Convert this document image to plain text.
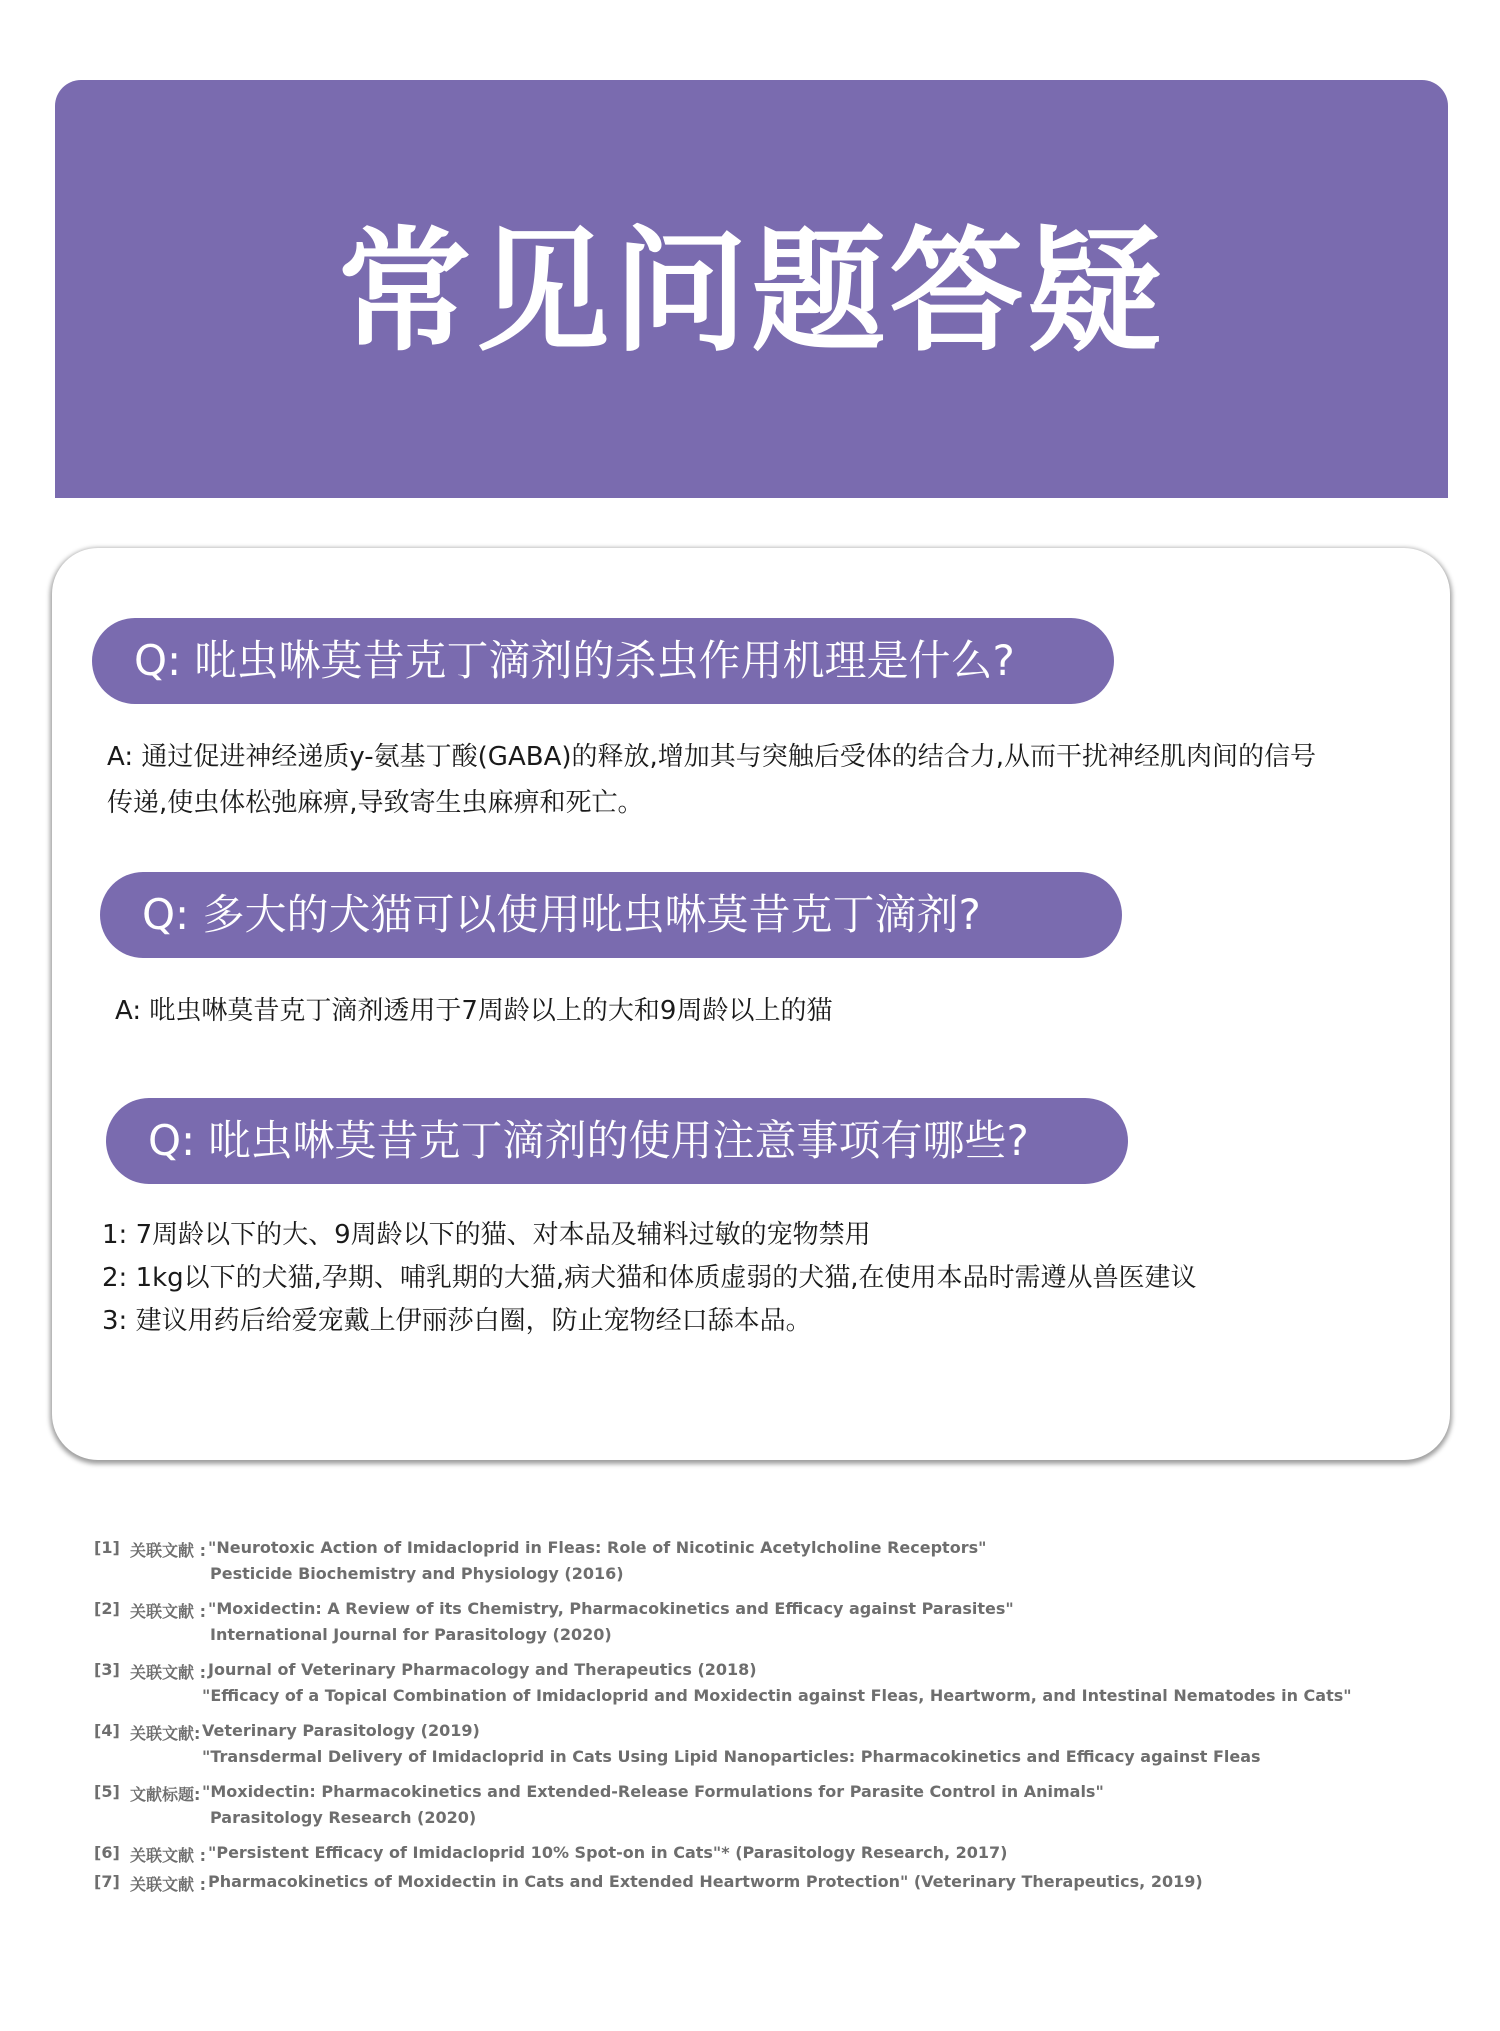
常见问题答疑
Q: 吡虫啉莫昔克丁滴剂的杀虫作用机理是什么?
A: 通过促进神经递质y-氨基丁酸(GABA)的释放,增加其与突触后受体的结合力,从而干扰神经肌肉间的信号
传递,使虫体松弛麻痹,导致寄生虫麻痹和死亡。
Q: 多大的犬猫可以使用吡虫啉莫昔克丁滴剂?
A: 吡虫啉莫昔克丁滴剂透用于7周龄以上的大和9周龄以上的猫
Q: 吡虫啉莫昔克丁滴剂的使用注意事项有哪些?
1: 7周龄以下的大、9周龄以下的猫、对本品及辅料过敏的宠物禁用
2: 1kg以下的犬猫,孕期、哺乳期的大猫,病犬猫和体质虚弱的犬猫,在使用本品时需遵从兽医建议
3: 建议用药后给爱宠戴上伊丽莎白圈，防止宠物经口舔本品。
[1] 关联文献 : "Neurotoxic Action of Imidacloprid in Fleas: Role of Nicotinic Acetylcholine Receptors"
Pesticide Biochemistry and Physiology (2016)
[2] 关联文献 : "Moxidectin: A Review of its Chemistry, Pharmacokinetics and Efficacy against Parasites"
International Journal for Parasitology (2020)
[3] 关联文献 : Journal of Veterinary Pharmacology and Therapeutics (2018)
"Efficacy of a Topical Combination of Imidacloprid and Moxidectin against Fleas, Heartworm, and Intestinal Nematodes in Cats"
[4] 关联文献: Veterinary Parasitology (2019)
"Transdermal Delivery of Imidacloprid in Cats Using Lipid Nanoparticles: Pharmacokinetics and Efficacy against Fleas
[5] 文献标题: "Moxidectin: Pharmacokinetics and Extended-Release Formulations for Parasite Control in Animals"
Parasitology Research (2020)
[6] 关联文献 : "Persistent Efficacy of Imidacloprid 10% Spot-on in Cats"* (Parasitology Research, 2017)
[7] 关联文献 : Pharmacokinetics of Moxidectin in Cats and Extended Heartworm Protection" (Veterinary Therapeutics, 2019)
